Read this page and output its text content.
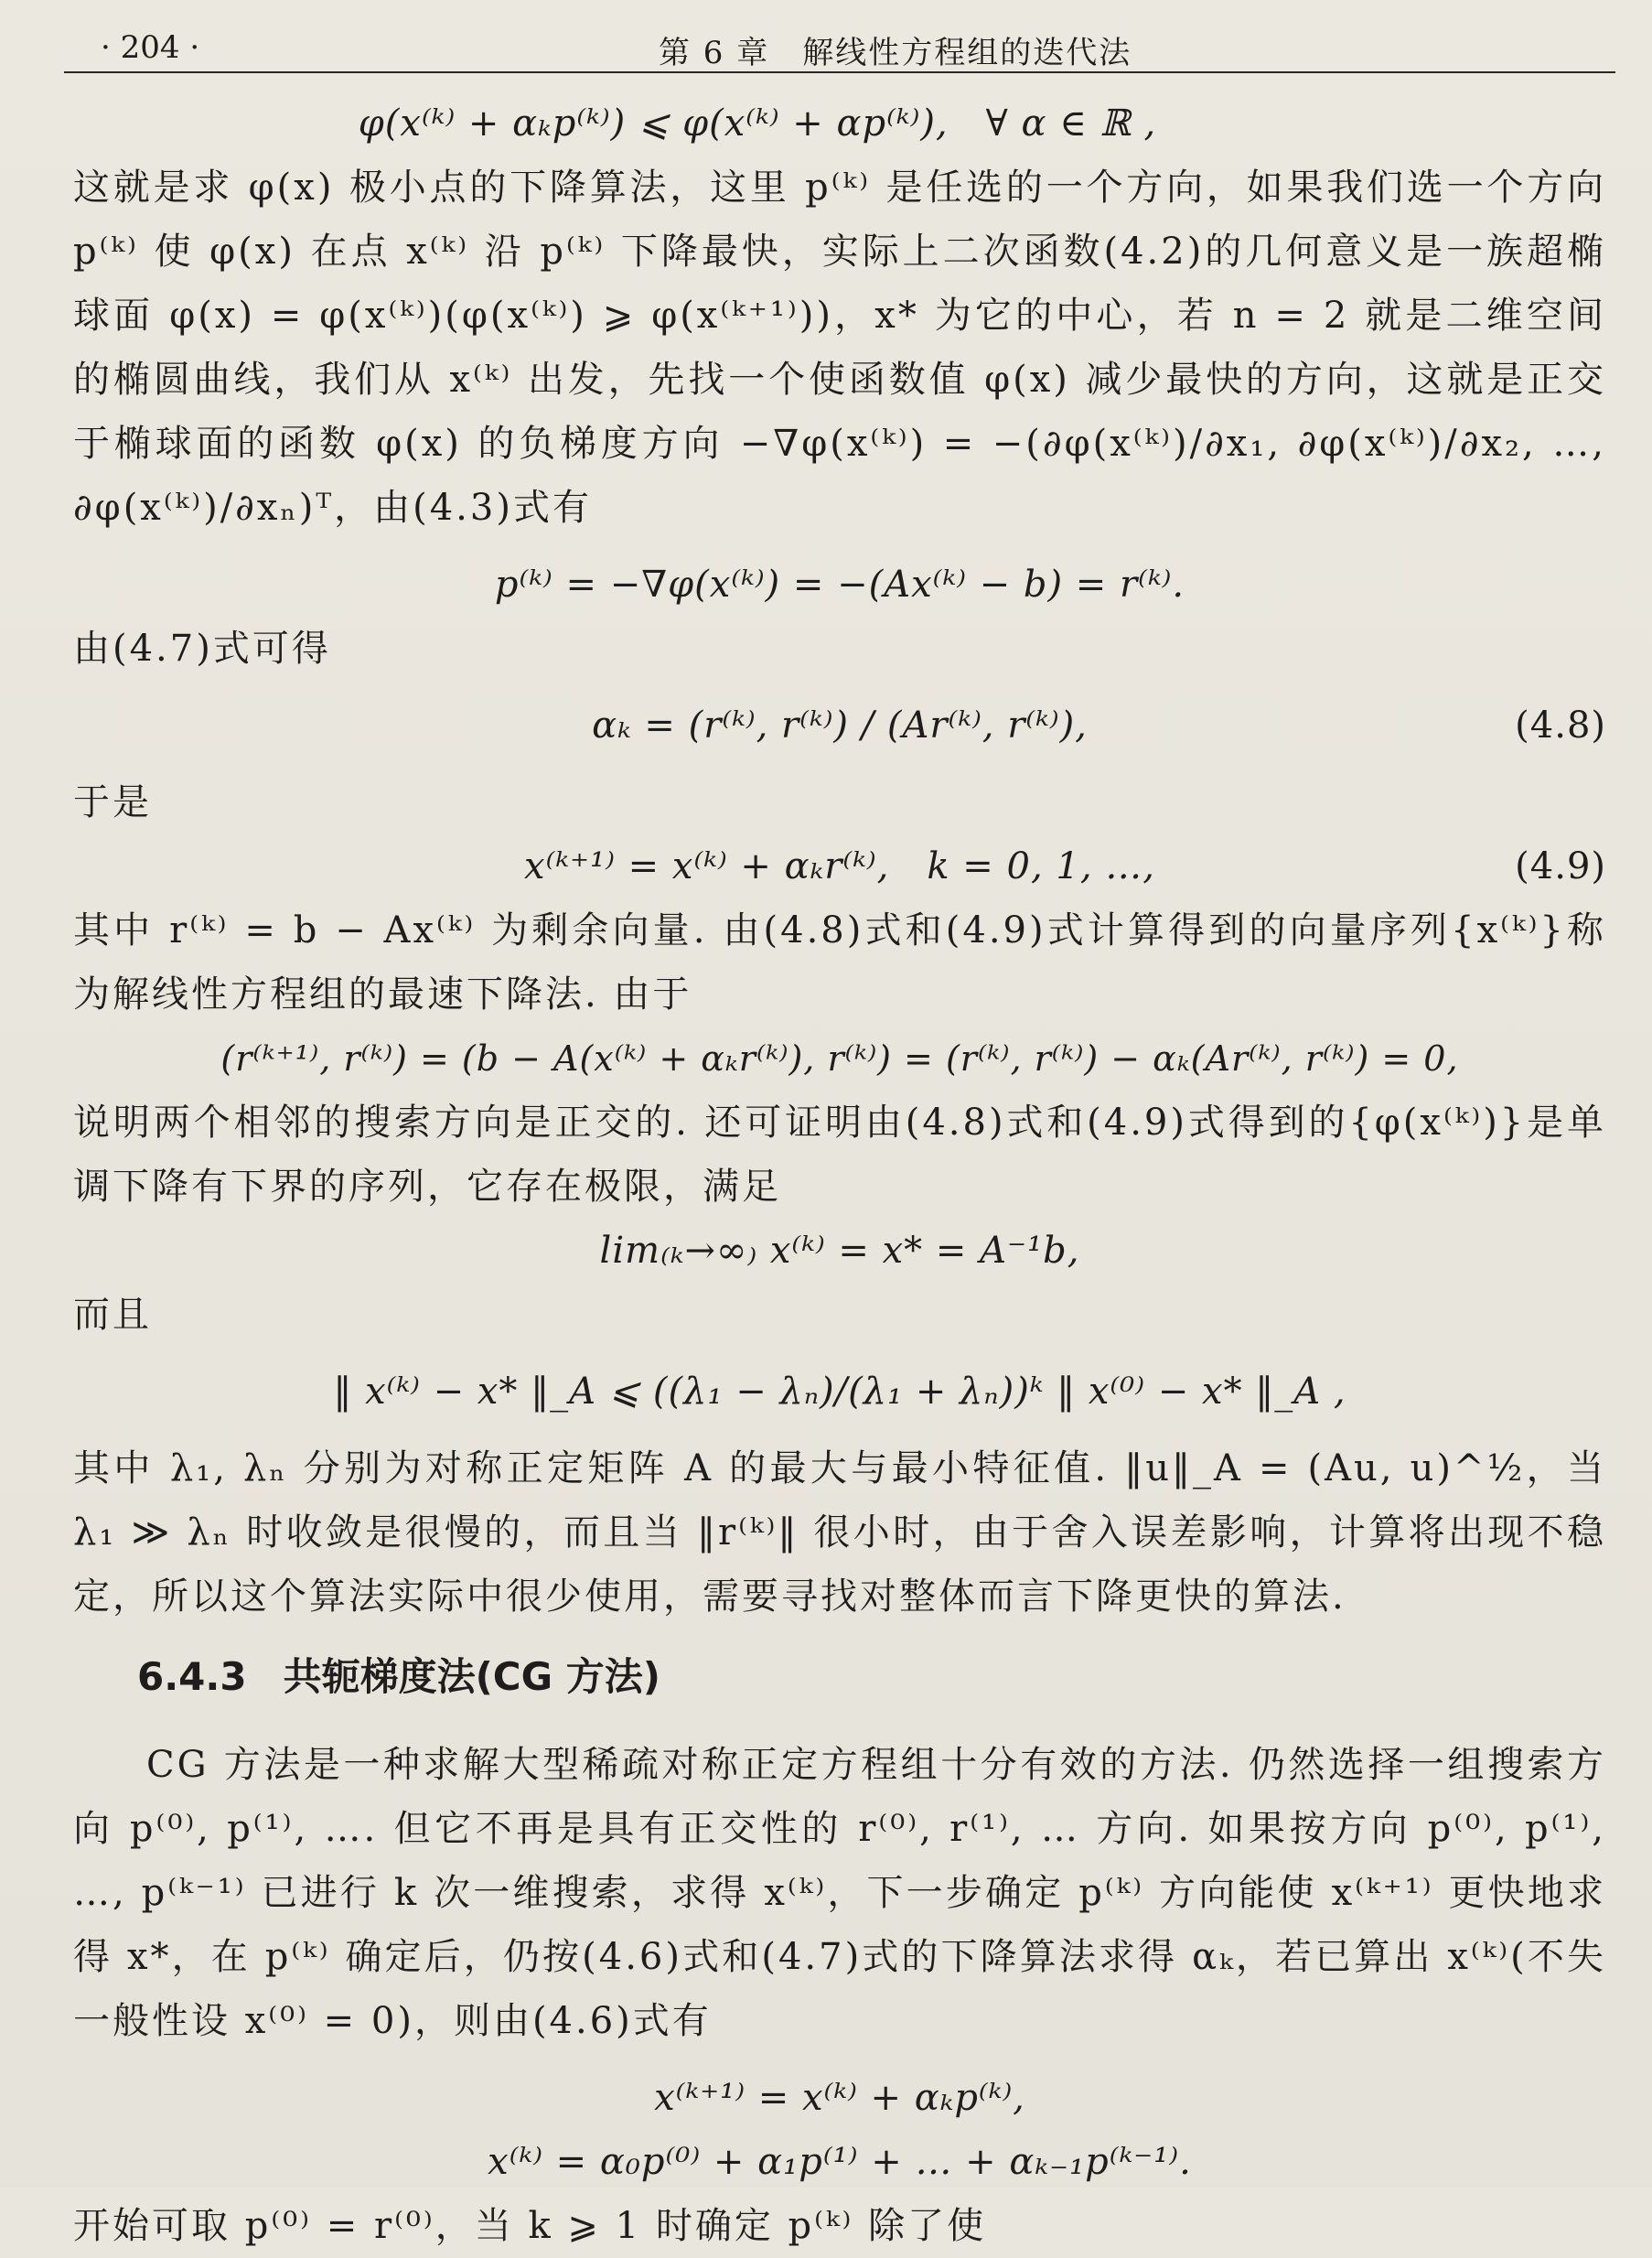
· 204 ·	第 6 章　解线性方程组的迭代法
φ(x⁽ᵏ⁾ + αₖp⁽ᵏ⁾) ⩽ φ(x⁽ᵏ⁾ + αp⁽ᵏ⁾),　∀ α ∈ ℝ ,

这就是求 φ(x) 极小点的下降算法，这里 p⁽ᵏ⁾ 是任选的一个方向，如果我们选一个方向 p⁽ᵏ⁾ 使 φ(x) 在点 x⁽ᵏ⁾ 沿 p⁽ᵏ⁾ 下降最快，实际上二次函数(4.2)的几何意义是一族超椭球面 φ(x) = φ(x⁽ᵏ⁾)(φ(x⁽ᵏ⁾) ⩾ φ(x⁽ᵏ⁺¹⁾))，x* 为它的中心，若 n = 2 就是二维空间的椭圆曲线，我们从 x⁽ᵏ⁾ 出发，先找一个使函数值 φ(x) 减少最快的方向，这就是正交于椭球面的函数 φ(x) 的负梯度方向 −∇φ(x⁽ᵏ⁾) = −(∂φ(x⁽ᵏ⁾)/∂x₁, ∂φ(x⁽ᵏ⁾)/∂x₂, …, ∂φ(x⁽ᵏ⁾)/∂xₙ)ᵀ，由(4.3)式有

p⁽ᵏ⁾ = −∇φ(x⁽ᵏ⁾) = −(Ax⁽ᵏ⁾ − b) = r⁽ᵏ⁾.

由(4.7)式可得

αₖ = (r⁽ᵏ⁾, r⁽ᵏ⁾) / (Ar⁽ᵏ⁾, r⁽ᵏ⁾),	(4.8)

于是

x⁽ᵏ⁺¹⁾ = x⁽ᵏ⁾ + αₖr⁽ᵏ⁾,　k = 0, 1, …,	(4.9)

其中 r⁽ᵏ⁾ = b − Ax⁽ᵏ⁾ 为剩余向量. 由(4.8)式和(4.9)式计算得到的向量序列{x⁽ᵏ⁾}称为解线性方程组的最速下降法. 由于

(r⁽ᵏ⁺¹⁾, r⁽ᵏ⁾) = (b − A(x⁽ᵏ⁾ + αₖr⁽ᵏ⁾), r⁽ᵏ⁾) = (r⁽ᵏ⁾, r⁽ᵏ⁾) − αₖ(Ar⁽ᵏ⁾, r⁽ᵏ⁾) = 0,

说明两个相邻的搜索方向是正交的. 还可证明由(4.8)式和(4.9)式得到的{φ(x⁽ᵏ⁾)}是单调下降有下界的序列，它存在极限，满足

lim₍ₖ→∞₎ x⁽ᵏ⁾ = x* = A⁻¹b,

而且

‖ x⁽ᵏ⁾ − x* ‖_A ⩽ ((λ₁ − λₙ)/(λ₁ + λₙ))ᵏ ‖ x⁽⁰⁾ − x* ‖_A ,

其中 λ₁, λₙ 分别为对称正定矩阵 A 的最大与最小特征值. ‖u‖_A = (Au, u)^½，当 λ₁ ≫ λₙ 时收敛是很慢的，而且当 ‖r⁽ᵏ⁾‖ 很小时，由于舍入误差影响，计算将出现不稳定，所以这个算法实际中很少使用，需要寻找对整体而言下降更快的算法.

6.4.3 共轭梯度法(CG 方法)

CG 方法是一种求解大型稀疏对称正定方程组十分有效的方法. 仍然选择一组搜索方向 p⁽⁰⁾, p⁽¹⁾, …. 但它不再是具有正交性的 r⁽⁰⁾, r⁽¹⁾, … 方向. 如果按方向 p⁽⁰⁾, p⁽¹⁾, …, p⁽ᵏ⁻¹⁾ 已进行 k 次一维搜索，求得 x⁽ᵏ⁾，下一步确定 p⁽ᵏ⁾ 方向能使 x⁽ᵏ⁺¹⁾ 更快地求得 x*，在 p⁽ᵏ⁾ 确定后，仍按(4.6)式和(4.7)式的下降算法求得 αₖ，若已算出 x⁽ᵏ⁾(不失一般性设 x⁽⁰⁾ = 0)，则由(4.6)式有

x⁽ᵏ⁺¹⁾ = x⁽ᵏ⁾ + αₖp⁽ᵏ⁾,
x⁽ᵏ⁾ = α₀p⁽⁰⁾ + α₁p⁽¹⁾ + … + αₖ₋₁p⁽ᵏ⁻¹⁾.

开始可取 p⁽⁰⁾ = r⁽⁰⁾，当 k ⩾ 1 时确定 p⁽ᵏ⁾ 除了使
